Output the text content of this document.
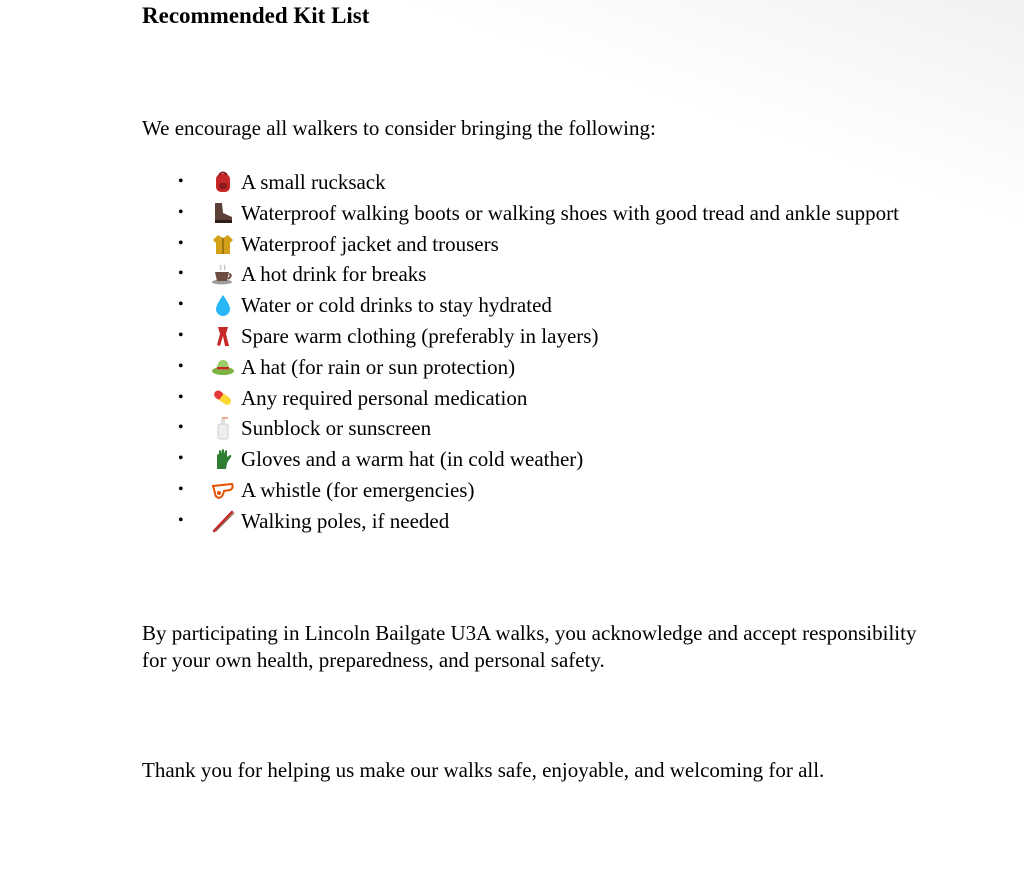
Recommended Kit List
We encourage all walkers to consider bringing the following:
•	A small rucksack
•	Waterproof walking boots or walking shoes with good tread and ankle support
•	Waterproof jacket and trousers
•	A hot drink for breaks
•	Water or cold drinks to stay hydrated
•	Spare warm clothing (preferably in layers)
•	A hat (for rain or sun protection)
•	Any required personal medication
•	Sunblock or sunscreen
•	Gloves and a warm hat (in cold weather)
•	A whistle (for emergencies)
•	Walking poles, if needed
By participating in Lincoln Bailgate U3A walks, you acknowledge and accept responsibility
for your own health, preparedness, and personal safety.
Thank you for helping us make our walks safe, enjoyable, and welcoming for all.
